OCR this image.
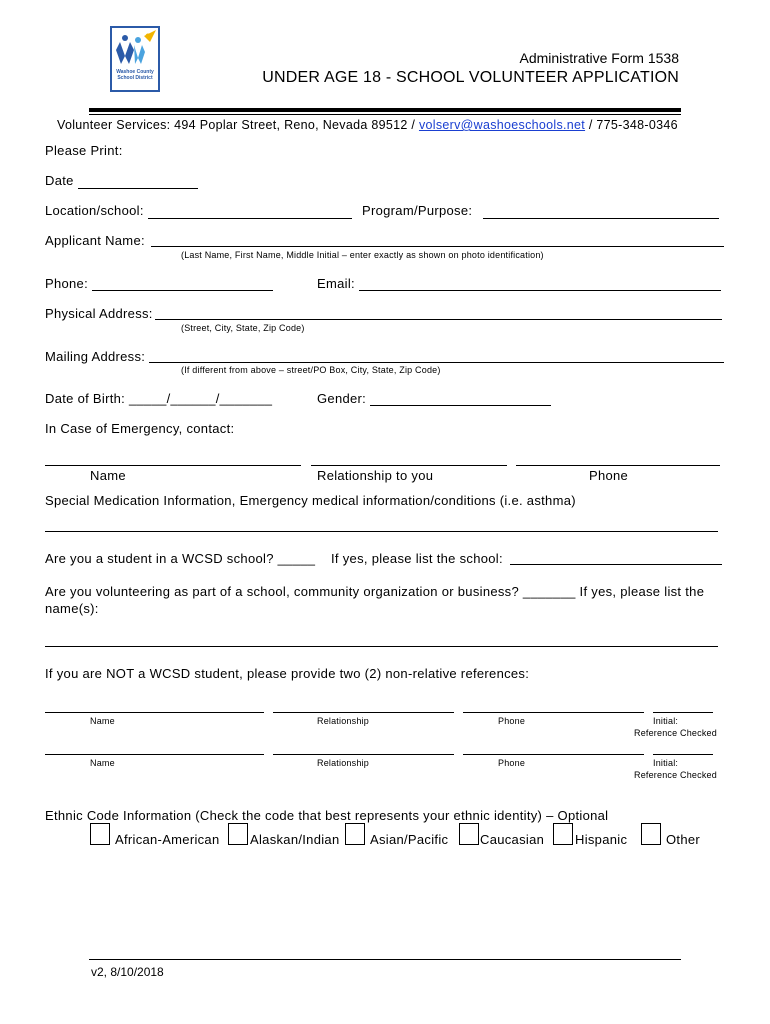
Washoe County School District
Administrative Form 1538
UNDER AGE 18 - SCHOOL VOLUNTEER APPLICATION
Volunteer Services: 494 Poplar Street, Reno, Nevada 89512 / volserv@washoeschools.net / 775-348-0346
Please Print:
Date
Location/school:	Program/Purpose:
Applicant Name:
(Last Name, First Name, Middle Initial – enter exactly as shown on photo identification)
Phone:	Email:
Physical Address:
(Street, City, State, Zip Code)
Mailing Address:
(If different from above – street/PO Box, City, State, Zip Code)
Date of Birth: _____/______/_______	Gender:
In Case of Emergency, contact:
Name	Relationship to you	Phone
Special Medication Information, Emergency medical information/conditions (i.e. asthma)
Are you a student in a WCSD school? _____ If yes, please list the school:
Are you volunteering as part of a school, community organization or business? _______ If yes, please list the
name(s):
If you are NOT a WCSD student, please provide two (2) non-relative references:
Name	Relationship	Phone	Initial:
Reference Checked
Name	Relationship	Phone	Initial:
Reference Checked
Ethnic Code Information (Check the code that best represents your ethnic identity) – Optional
African-American Alaskan/Indian Asian/Pacific Caucasian Hispanic	Other
v2, 8/10/2018
